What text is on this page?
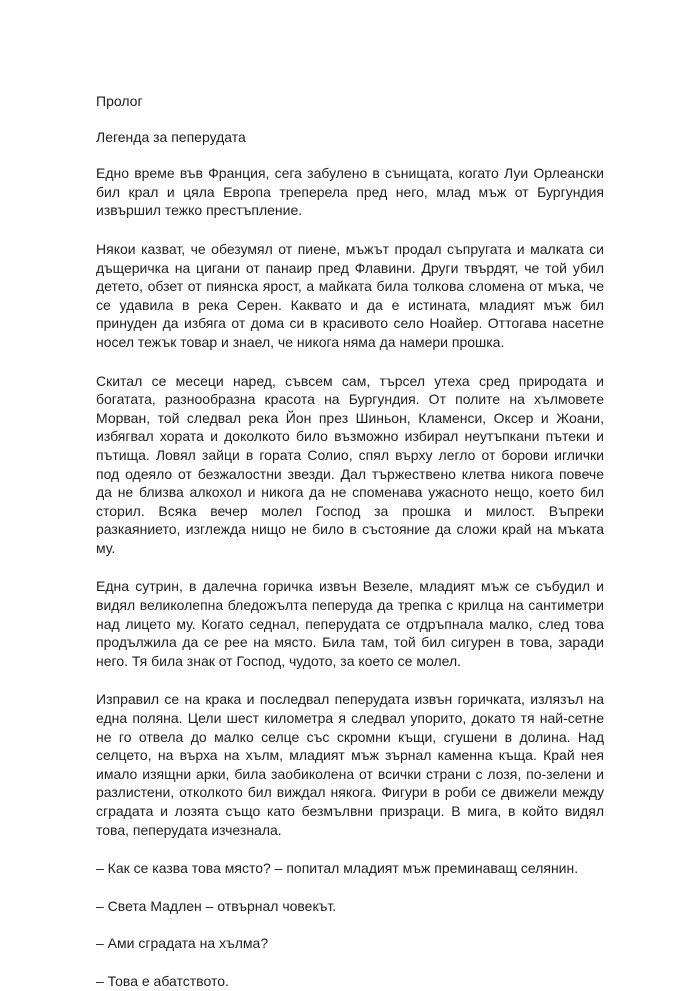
Пролог

Легенда за пеперудата

Едно време във Франция, сега забулено в сънищата, когато Луи Орлеански бил крал и цяла Европа треперела пред него, млад мъж от Бургундия извършил тежко престъпление.

Някои казват, че обезумял от пиене, мъжът продал съпругата и малката си дъщеричка на цигани от панаир пред Флавини. Други твърдят, че той убил детето, обзет от пиянска ярост, а майката била толкова сломена от мъка, че се удавила в река Серен. Каквато и да е истината, младият мъж бил принуден да избяга от дома си в красивото село Ноайер. Оттогава насетне носел тежък товар и знаел, че никога няма да намери прошка.

Скитал се месеци наред, съвсем сам, търсел утеха сред природата и богатата, разнообразна красота на Бургундия. От полите на хълмовете Морван, той следвал река Йон през Шиньон, Кламенси, Оксер и Жоани, избягвал хората и доколкото било възможно избирал неутъпкани пътеки и пътища. Ловял зайци в гората Солио, спял върху легло от борови иглички под одеяло от безжалостни звезди. Дал тържествено клетва никога повече да не близва алкохол и никога да не споменава ужасното нещо, което бил сторил. Всяка вечер молел Господ за прошка и милост. Въпреки разкаянието, изглежда нищо не било в състояние да сложи край на мъката му.

Една сутрин, в далечна горичка извън Везеле, младият мъж се събудил и видял великолепна бледожълта пеперуда да трепка с крилца на сантиметри над лицето му. Когато седнал, пеперудата се отдръпнала малко, след това продължила да се рее на място. Била там, той бил сигурен в това, заради него. Тя била знак от Господ, чудото, за което се молел.

Изправил се на крака и последвал пеперудата извън горичката, излязъл на една поляна. Цели шест километра я следвал упорито, докато тя най-сетне не го отвела до малко селце със скромни къщи, сгушени в долина. Над селцето, на върха на хълм, младият мъж зърнал каменна къща. Край нея имало изящни арки, била заобиколена от всички страни с лозя, по-зелени и разлистени, отколкото бил виждал някога. Фигури в роби се движели между сградата и лозята също като безмълвни призраци. В мига, в който видял това, пеперудата изчезнала.

– Как се казва това място? – попитал младият мъж преминаващ селянин.

– Света Мадлен – отвърнал човекът.

– Ами сградата на хълма?

– Това е абатството.
